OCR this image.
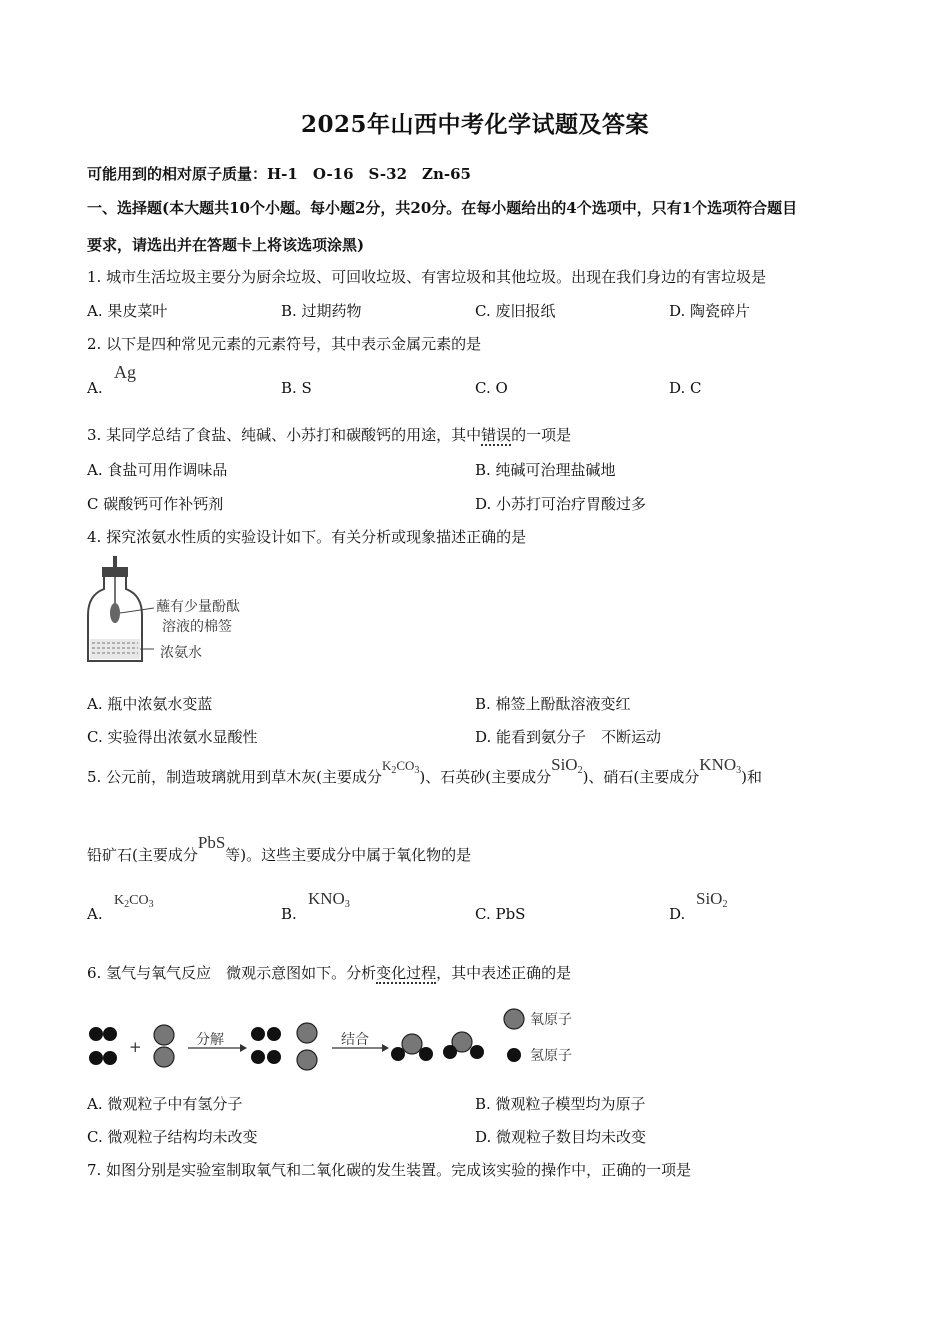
2025年山西中考化学试题及答案
可能用到的相对原子质量：H-1　O-16　S-32　Zn-65
一、选择题(本大题共10个小题。每小题2分，共20分。在每小题给出的4个选项中，只有1个选项符合题目
要求，请选出并在答题卡上将该选项涂黑)
1. 城市生活垃圾主要分为厨余垃圾、可回收垃圾、有害垃圾和其他垃圾。出现在我们身边的有害垃圾是
A. 果皮菜叶	B. 过期药物	C. 废旧报纸	D. 陶瓷碎片
2. 以下是四种常见元素的元素符号，其中表示金属元素的是
A.
Ag
B. S	C. O	D. C
3. 某同学总结了食盐、纯碱、小苏打和碳酸钙的用途，其中错误的一项是
A. 食盐可用作调味品	B. 纯碱可治理盐碱地
C 碳酸钙可作补钙剂	D. 小苏打可治疗胃酸过多
4. 探究浓氨水性质的实验设计如下。有关分析或现象描述正确的是
蘸有少量酚酞
溶液的棉签
浓氨水
A. 瓶中浓氨水变蓝	B. 棉签上酚酞溶液变红
C. 实验得出浓氨水显酸性	D. 能看到氨分子　不断运动
5. 公元前，制造玻璃就用到草木灰(主要成分$K_2CO_3$)、石英砂(主要成分SiO$_2$)、硝石(主要成分$KNO_3$)和
铅矿石(主要成分PbS等)。这些主要成分中属于氧化物的是
A.
$K_2CO_3$
B.
$KNO_3$
C. PbS	D.
SiO$_2$
6. 氢气与氧气反应　微观示意图如下。分析变化过程，其中表述正确的是
+	分解	结合
氧原子
氢原子
A. 微观粒子中有氢分子	B. 微观粒子模型均为原子
C. 微观粒子结构均未改变	D. 微观粒子数目均未改变
7. 如图分别是实验室制取氧气和二氧化碳的发生装置。完成该实验的操作中，正确的一项是
